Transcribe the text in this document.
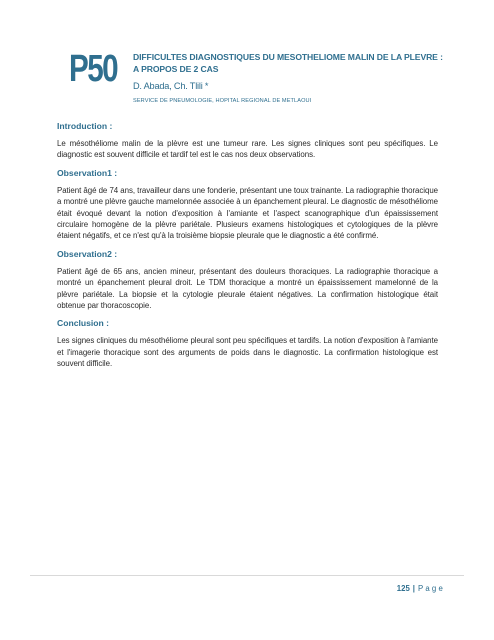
P50 DIFFICULTES DIAGNOSTIQUES DU MESOTHELIOME MALIN DE LA PLEVRE : A PROPOS DE 2 CAS
D. Abada, Ch. Tlili *
SERVICE DE PNEUMOLOGIE, HOPITAL REGIONAL DE METLAOUI
Introduction :

Le mésothéliome malin de la plèvre est une tumeur rare. Les signes cliniques sont peu spécifiques. Le diagnostic est souvent difficile et tardif tel est le cas nos deux observations.

Observation1 :

Patient âgé de 74 ans, travailleur dans une fonderie, présentant une toux trainante. La radiographie thoracique a montré une plèvre gauche mamelonnée associée à un épanchement pleural. Le diagnostic de mésothéliome était évoqué devant la notion d'exposition à l'amiante et l'aspect scanographique d'un épaississement circulaire homogène de la plèvre pariétale. Plusieurs examens histologiques et cytologiques de la plèvre étaient négatifs, et ce n'est qu'à la troisième biopsie pleurale que le diagnostic a été confirmé.

Observation2 :

Patient âgé de 65 ans, ancien mineur, présentant des douleurs thoraciques. La radiographie thoracique a montré un épanchement pleural droit. Le TDM thoracique a montré un épaississement mamelonné de la plèvre pariétale. La biopsie et la cytologie pleurale étaient négatives. La confirmation histologique était obtenue par thoracoscopie.

Conclusion :

Les signes cliniques du mésothéliome pleural sont peu spécifiques et tardifs. La notion d'exposition à l'amiante et l'imagerie thoracique sont des arguments de poids dans le diagnostic. La confirmation histologique est souvent difficile.

125 | Page
